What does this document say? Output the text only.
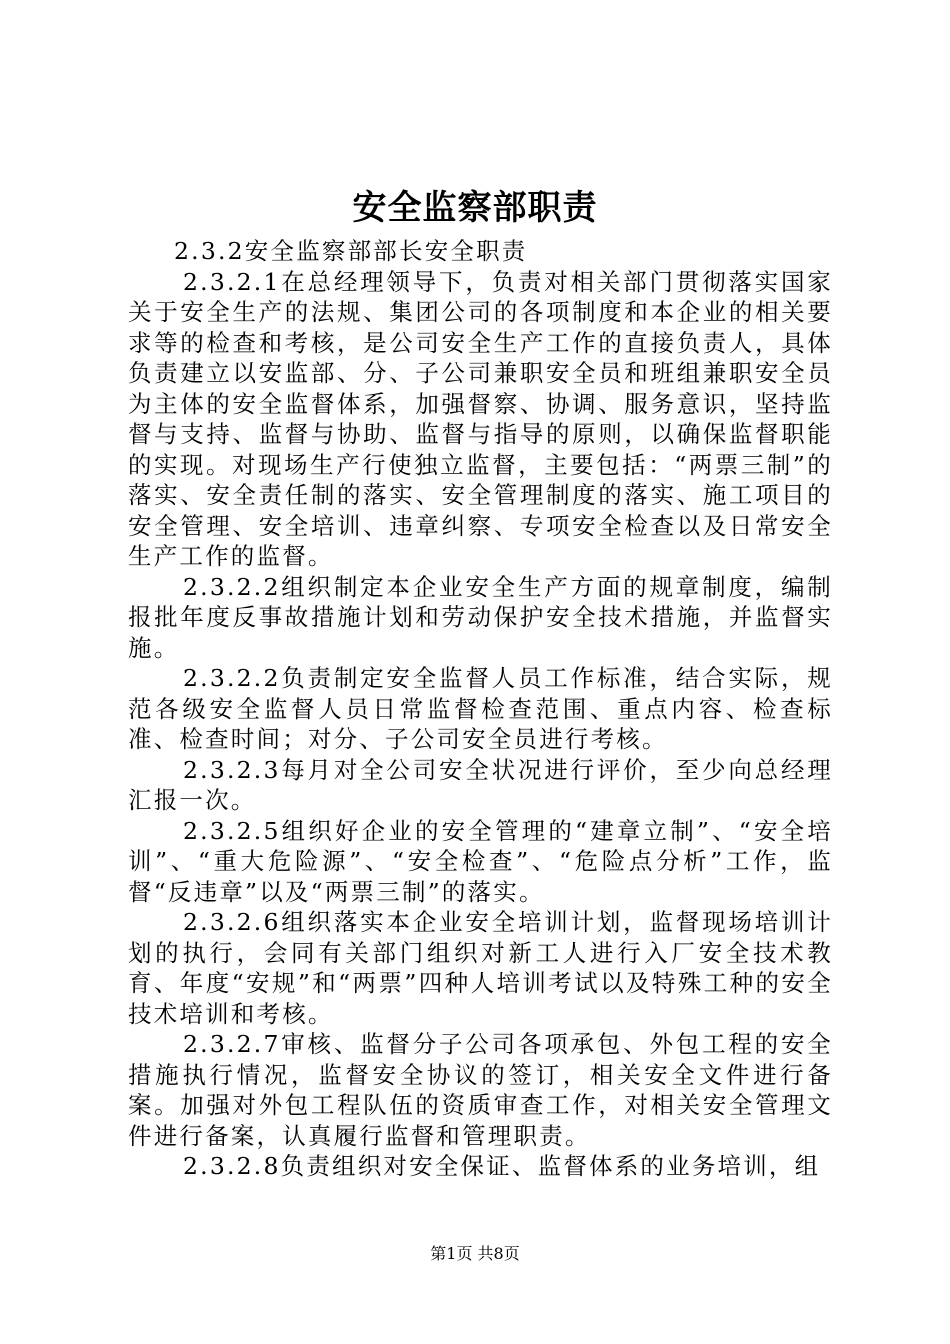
安全监察部职责

2.3.2安全监察部部长安全职责

2.3.2.1在总经理领导下，负责对相关部门贯彻落实国家关于安全生产的法规、集团公司的各项制度和本企业的相关要求等的检查和考核，是公司安全生产工作的直接负责人，具体负责建立以安监部、分、子公司兼职安全员和班组兼职安全员为主体的安全监督体系，加强督察、协调、服务意识，坚持监督与支持、监督与协助、监督与指导的原则，以确保监督职能的实现。对现场生产行使独立监督，主要包括：“两票三制”的落实、安全责任制的落实、安全管理制度的落实、施工项目的安全管理、安全培训、违章纠察、专项安全检查以及日常安全生产工作的监督。

2.3.2.2组织制定本企业安全生产方面的规章制度，编制报批年度反事故措施计划和劳动保护安全技术措施，并监督实施。

2.3.2.2负责制定安全监督人员工作标准，结合实际，规范各级安全监督人员日常监督检查范围、重点内容、检查标准、检查时间；对分、子公司安全员进行考核。

2.3.2.3每月对全公司安全状况进行评价，至少向总经理汇报一次。

2.3.2.5组织好企业的安全管理的“建章立制”、“安全培训”、“重大危险源”、“安全检查”、“危险点分析”工作，监督“反违章”以及“两票三制”的落实。

2.3.2.6组织落实本企业安全培训计划，监督现场培训计划的执行，会同有关部门组织对新工人进行入厂安全技术教育、年度“安规”和“两票”四种人培训考试以及特殊工种的安全技术培训和考核。

2.3.2.7审核、监督分子公司各项承包、外包工程的安全措施执行情况，监督安全协议的签订，相关安全文件进行备案。加强对外包工程队伍的资质审查工作，对相关安全管理文件进行备案，认真履行监督和管理职责。

2.3.2.8负责组织对安全保证、监督体系的业务培训，组

第1页 共8页
